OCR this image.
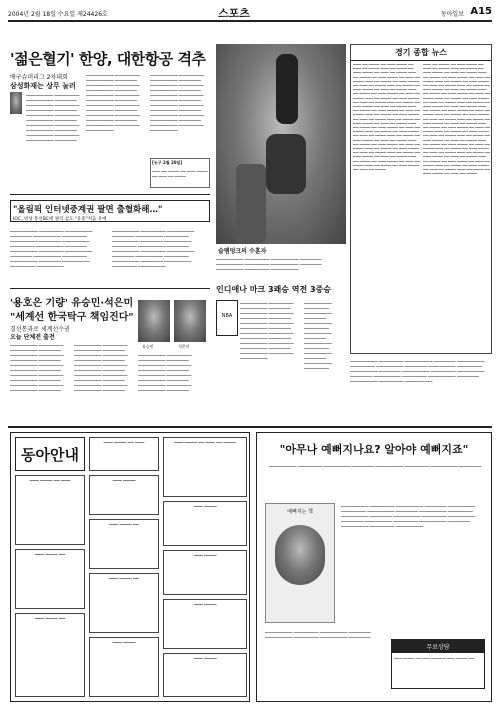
2004년 2월 18일 수요일 제24426호	스포츠	동아일보 A15
'젊은혈기' 한양, 대한항공 격추
배구슈퍼리그 2차대회
삼성화재는 상무 눌러
▁▁▁▁▁▁▁▁▁▁ ▁▁▁▁▁▁▁▁▁ ▁▁▁▁▁▁▁▁▁▁ ▁▁▁▁▁▁▁▁ ▁▁▁▁▁▁▁▁▁▁ ▁▁▁▁▁▁▁▁▁ ▁▁▁▁▁▁▁▁▁▁ ▁▁▁▁▁▁▁▁ ▁▁▁▁▁▁▁▁▁▁ ▁▁▁▁▁▁▁▁▁ ▁▁▁▁▁▁▁▁▁▁ ▁▁▁▁▁▁▁▁ ▁▁▁▁▁▁▁▁▁▁ ▁▁▁▁▁▁▁▁▁ ▁▁▁▁▁▁▁▁▁▁ ▁▁▁▁▁▁▁▁ ▁▁▁▁▁▁▁▁▁▁ ▁▁▁▁▁▁▁▁▁ ▁▁▁▁▁▁▁▁▁▁ ▁▁▁▁▁▁▁▁
▁▁▁▁▁▁▁▁▁▁ ▁▁▁▁▁▁▁▁▁ ▁▁▁▁▁▁▁▁▁▁ ▁▁▁▁▁▁▁▁ ▁▁▁▁▁▁▁▁▁▁ ▁▁▁▁▁▁▁▁▁ ▁▁▁▁▁▁▁▁▁▁ ▁▁▁▁▁▁▁▁ ▁▁▁▁▁▁▁▁▁▁ ▁▁▁▁▁▁▁▁▁ ▁▁▁▁▁▁▁▁▁▁ ▁▁▁▁▁▁▁▁ ▁▁▁▁▁▁▁▁▁▁ ▁▁▁▁▁▁▁▁▁ ▁▁▁▁▁▁▁▁▁▁ ▁▁▁▁▁▁▁▁ ▁▁▁▁▁▁▁▁▁▁ ▁▁▁▁▁▁▁▁▁ ▁▁▁▁▁▁▁▁▁▁ ▁▁▁▁▁▁▁▁ ▁▁▁▁▁▁▁▁▁▁ ▁▁▁▁▁▁▁▁▁ ▁▁▁▁▁▁▁▁▁▁
▁▁▁▁▁▁▁▁▁▁ ▁▁▁▁▁▁▁▁▁ ▁▁▁▁▁▁▁▁▁▁ ▁▁▁▁▁▁▁▁ ▁▁▁▁▁▁▁▁▁▁ ▁▁▁▁▁▁▁▁▁ ▁▁▁▁▁▁▁▁▁▁ ▁▁▁▁▁▁▁▁ ▁▁▁▁▁▁▁▁▁▁ ▁▁▁▁▁▁▁▁▁ ▁▁▁▁▁▁▁▁▁▁ ▁▁▁▁▁▁▁▁ ▁▁▁▁▁▁▁▁▁▁ ▁▁▁▁▁▁▁▁▁ ▁▁▁▁▁▁▁▁▁▁ ▁▁▁▁▁▁▁▁ ▁▁▁▁▁▁▁▁▁▁ ▁▁▁▁▁▁▁▁▁ ▁▁▁▁▁▁▁▁▁▁ ▁▁▁▁▁▁▁▁ ▁▁▁▁▁▁▁▁▁▁ ▁▁▁▁▁▁▁▁▁ ▁▁▁▁▁▁▁▁▁▁
[농구 2월 20일]
▁▁▁ ▁▁ ▁▁▁▁ ▁▁ ▁▁▁ ▁▁▁▁ ▁▁ ▁▁▁ ▁▁ ▁▁▁▁
슬램덩크의 수훈자
경기 종합 뉴스
▁▁▁ ▁▁ ▁▁▁▁ ▁▁ ▁▁▁ ▁▁▁▁ ▁▁ ▁▁▁ ▁▁ ▁▁▁▁ ▁▁▁ ▁▁ ▁▁▁▁ ▁▁ ▁▁▁ ▁▁▁▁ ▁▁ ▁▁▁ ▁▁ ▁▁▁▁ ▁▁▁ ▁▁ ▁▁▁▁ ▁▁ ▁▁▁ ▁▁▁▁ ▁▁ ▁▁▁ ▁▁ ▁▁▁▁ ▁▁▁ ▁▁ ▁▁▁▁ ▁▁ ▁▁▁ ▁▁▁▁ ▁▁ ▁▁▁ ▁▁ ▁▁▁▁ ▁▁▁ ▁▁ ▁▁▁▁ ▁▁ ▁▁▁ ▁▁▁▁ ▁▁ ▁▁▁ ▁▁ ▁▁▁▁ ▁▁▁ ▁▁ ▁▁▁▁ ▁▁ ▁▁▁ ▁▁▁▁ ▁▁ ▁▁▁ ▁▁ ▁▁▁▁ ▁▁▁ ▁▁ ▁▁▁▁ ▁▁ ▁▁▁ ▁▁▁▁ ▁▁ ▁▁▁ ▁▁ ▁▁▁▁ ▁▁▁ ▁▁ ▁▁▁▁ ▁▁ ▁▁▁ ▁▁▁▁ ▁▁ ▁▁▁ ▁▁ ▁▁▁▁ ▁▁▁ ▁▁ ▁▁▁▁ ▁▁ ▁▁▁ ▁▁▁▁ ▁▁ ▁▁▁ ▁▁ ▁▁▁▁ ▁▁▁ ▁▁ ▁▁▁▁ ▁▁ ▁▁▁ ▁▁▁▁ ▁▁ ▁▁▁ ▁▁ ▁▁▁▁ ▁▁▁ ▁▁ ▁▁▁▁ ▁▁ ▁▁▁ ▁▁▁▁ ▁▁ ▁▁▁ ▁▁ ▁▁▁▁ ▁▁▁ ▁▁ ▁▁▁▁ ▁▁ ▁▁▁ ▁▁▁▁ ▁▁ ▁▁▁ ▁▁ ▁▁▁▁ ▁▁▁ ▁▁ ▁▁▁▁ ▁▁ ▁▁▁ ▁▁▁▁ ▁▁ ▁▁▁ ▁▁ ▁▁▁▁ ▁▁▁ ▁▁ ▁▁▁▁ ▁▁ ▁▁▁ ▁▁▁▁ ▁▁ ▁▁▁ ▁▁ ▁▁▁▁ ▁▁▁ ▁▁ ▁▁▁▁ ▁▁ ▁▁▁ ▁▁▁▁ ▁▁ ▁▁▁ ▁▁ ▁▁▁▁ ▁▁▁ ▁▁ ▁▁▁▁ ▁▁ ▁▁▁ ▁▁▁▁ ▁▁ ▁▁▁ ▁▁ ▁▁▁▁ ▁▁▁ ▁▁ ▁▁▁▁ ▁▁ ▁▁▁ ▁▁▁▁ ▁▁ ▁▁▁ ▁▁ ▁▁▁▁ ▁▁▁ ▁▁ ▁▁▁▁ ▁▁ ▁▁▁ ▁▁▁▁ ▁▁ ▁▁▁ ▁▁ ▁▁▁▁ ▁▁▁ ▁▁ ▁▁▁▁ ▁▁ ▁▁▁ ▁▁▁▁ ▁▁ ▁▁▁ ▁▁ ▁▁▁▁
▁▁▁ ▁▁ ▁▁▁▁ ▁▁ ▁▁▁ ▁▁▁▁ ▁▁ ▁▁▁ ▁▁ ▁▁▁▁ ▁▁▁ ▁▁ ▁▁▁▁ ▁▁ ▁▁▁ ▁▁▁▁ ▁▁ ▁▁▁ ▁▁ ▁▁▁▁ ▁▁▁ ▁▁ ▁▁▁▁ ▁▁ ▁▁▁ ▁▁▁▁ ▁▁ ▁▁▁ ▁▁ ▁▁▁▁ ▁▁▁ ▁▁ ▁▁▁▁ ▁▁ ▁▁▁ ▁▁▁▁ ▁▁ ▁▁▁ ▁▁ ▁▁▁▁ ▁▁▁ ▁▁ ▁▁▁▁ ▁▁ ▁▁▁ ▁▁▁▁ ▁▁ ▁▁▁ ▁▁ ▁▁▁▁ ▁▁▁ ▁▁ ▁▁▁▁ ▁▁ ▁▁▁ ▁▁▁▁ ▁▁ ▁▁▁ ▁▁ ▁▁▁▁ ▁▁▁ ▁▁ ▁▁▁▁ ▁▁ ▁▁▁ ▁▁▁▁ ▁▁ ▁▁▁ ▁▁ ▁▁▁▁ ▁▁▁ ▁▁ ▁▁▁▁ ▁▁ ▁▁▁ ▁▁▁▁ ▁▁ ▁▁▁ ▁▁ ▁▁▁▁ ▁▁▁ ▁▁ ▁▁▁▁ ▁▁ ▁▁▁ ▁▁▁▁ ▁▁ ▁▁▁ ▁▁ ▁▁▁▁ ▁▁▁ ▁▁ ▁▁▁▁ ▁▁ ▁▁▁ ▁▁▁▁ ▁▁ ▁▁▁ ▁▁ ▁▁▁▁ ▁▁▁ ▁▁ ▁▁▁▁ ▁▁ ▁▁▁ ▁▁▁▁ ▁▁ ▁▁▁ ▁▁ ▁▁▁▁ ▁▁▁ ▁▁ ▁▁▁▁ ▁▁ ▁▁▁ ▁▁▁▁ ▁▁ ▁▁▁ ▁▁ ▁▁▁▁ ▁▁▁ ▁▁ ▁▁▁▁ ▁▁ ▁▁▁ ▁▁▁▁ ▁▁ ▁▁▁ ▁▁ ▁▁▁▁ ▁▁▁ ▁▁ ▁▁▁▁ ▁▁ ▁▁▁ ▁▁▁▁ ▁▁ ▁▁▁ ▁▁ ▁▁▁▁ ▁▁▁ ▁▁ ▁▁▁▁ ▁▁ ▁▁▁ ▁▁▁▁ ▁▁ ▁▁▁ ▁▁ ▁▁▁▁ ▁▁▁ ▁▁ ▁▁▁▁ ▁▁ ▁▁▁ ▁▁▁▁ ▁▁ ▁▁▁ ▁▁ ▁▁▁▁ ▁▁▁ ▁▁ ▁▁▁▁ ▁▁ ▁▁▁ ▁▁▁▁ ▁▁ ▁▁▁ ▁▁ ▁▁▁▁ ▁▁▁ ▁▁ ▁▁▁▁ ▁▁ ▁▁▁ ▁▁▁▁ ▁▁ ▁▁▁ ▁▁ ▁▁▁▁ ▁▁▁ ▁▁ ▁▁▁▁ ▁▁ ▁▁▁ ▁▁▁▁ ▁▁ ▁▁▁ ▁▁ ▁▁▁▁ ▁▁▁ ▁▁ ▁▁▁▁ ▁▁ ▁▁▁ ▁▁▁▁ ▁▁ ▁▁▁ ▁▁ ▁▁▁▁
"올림픽 인터넷중계권 팔면 출혈화해…"
IOC, 위성·통신BC에 권리 삼도 "유중"처음 유예
▁▁▁▁▁▁▁▁▁▁ ▁▁▁▁▁▁▁▁▁ ▁▁▁▁▁▁▁▁▁▁ ▁▁▁▁▁▁▁▁ ▁▁▁▁▁▁▁▁▁▁ ▁▁▁▁▁▁▁▁▁ ▁▁▁▁▁▁▁▁▁▁ ▁▁▁▁▁▁▁▁ ▁▁▁▁▁▁▁▁▁▁ ▁▁▁▁▁▁▁▁▁ ▁▁▁▁▁▁▁▁▁▁ ▁▁▁▁▁▁▁▁ ▁▁▁▁▁▁▁▁▁▁ ▁▁▁▁▁▁▁▁▁ ▁▁▁▁▁▁▁▁▁▁ ▁▁▁▁▁▁▁▁ ▁▁▁▁▁▁▁▁▁▁ ▁▁▁▁▁▁▁▁▁ ▁▁▁▁▁▁▁▁▁▁ ▁▁▁▁▁▁▁▁ ▁▁▁▁▁▁▁▁▁▁ ▁▁▁▁▁▁▁▁▁ ▁▁▁▁▁▁▁▁▁▁
▁▁▁▁▁▁▁▁▁▁ ▁▁▁▁▁▁▁▁▁ ▁▁▁▁▁▁▁▁▁▁ ▁▁▁▁▁▁▁▁ ▁▁▁▁▁▁▁▁▁▁ ▁▁▁▁▁▁▁▁▁ ▁▁▁▁▁▁▁▁▁▁ ▁▁▁▁▁▁▁▁ ▁▁▁▁▁▁▁▁▁▁ ▁▁▁▁▁▁▁▁▁ ▁▁▁▁▁▁▁▁▁▁ ▁▁▁▁▁▁▁▁ ▁▁▁▁▁▁▁▁▁▁ ▁▁▁▁▁▁▁▁▁ ▁▁▁▁▁▁▁▁▁▁ ▁▁▁▁▁▁▁▁ ▁▁▁▁▁▁▁▁▁▁ ▁▁▁▁▁▁▁▁▁ ▁▁▁▁▁▁▁▁▁▁ ▁▁▁▁▁▁▁▁ ▁▁▁▁▁▁▁▁▁▁ ▁▁▁▁▁▁▁▁▁ ▁▁▁▁▁▁▁▁▁▁
'용호은 기량' 유승민·석은미
"세계선 한국탁구 책임진다"
결선통과로 세계선수권
오늘 단체전 출전
유승민	석은미
▁▁▁▁▁▁▁▁▁▁ ▁▁▁▁▁▁▁▁▁ ▁▁▁▁▁▁▁▁▁▁ ▁▁▁▁▁▁▁▁ ▁▁▁▁▁▁▁▁▁▁ ▁▁▁▁▁▁▁▁▁ ▁▁▁▁▁▁▁▁▁▁ ▁▁▁▁▁▁▁▁ ▁▁▁▁▁▁▁▁▁▁ ▁▁▁▁▁▁▁▁▁ ▁▁▁▁▁▁▁▁▁▁ ▁▁▁▁▁▁▁▁ ▁▁▁▁▁▁▁▁▁▁ ▁▁▁▁▁▁▁▁▁ ▁▁▁▁▁▁▁▁▁▁ ▁▁▁▁▁▁▁▁ ▁▁▁▁▁▁▁▁▁▁ ▁▁▁▁▁▁▁▁▁ ▁▁▁▁▁▁▁▁▁▁ ▁▁▁▁▁▁▁▁
▁▁▁▁▁▁▁▁▁▁ ▁▁▁▁▁▁▁▁▁ ▁▁▁▁▁▁▁▁▁▁ ▁▁▁▁▁▁▁▁ ▁▁▁▁▁▁▁▁▁▁ ▁▁▁▁▁▁▁▁▁ ▁▁▁▁▁▁▁▁▁▁ ▁▁▁▁▁▁▁▁ ▁▁▁▁▁▁▁▁▁▁ ▁▁▁▁▁▁▁▁▁ ▁▁▁▁▁▁▁▁▁▁ ▁▁▁▁▁▁▁▁ ▁▁▁▁▁▁▁▁▁▁ ▁▁▁▁▁▁▁▁▁ ▁▁▁▁▁▁▁▁▁▁ ▁▁▁▁▁▁▁▁ ▁▁▁▁▁▁▁▁▁▁ ▁▁▁▁▁▁▁▁▁ ▁▁▁▁▁▁▁▁▁▁ ▁▁▁▁▁▁▁▁
▁▁▁▁▁▁▁▁▁▁ ▁▁▁▁▁▁▁▁▁ ▁▁▁▁▁▁▁▁▁▁ ▁▁▁▁▁▁▁▁ ▁▁▁▁▁▁▁▁▁▁ ▁▁▁▁▁▁▁▁▁ ▁▁▁▁▁▁▁▁▁▁ ▁▁▁▁▁▁▁▁ ▁▁▁▁▁▁▁▁▁▁ ▁▁▁▁▁▁▁▁▁ ▁▁▁▁▁▁▁▁▁▁ ▁▁▁▁▁▁▁▁ ▁▁▁▁▁▁▁▁▁▁ ▁▁▁▁▁▁▁▁▁ ▁▁▁▁▁▁▁▁▁▁ ▁▁▁▁▁▁▁▁
▁▁▁▁▁▁▁▁▁▁ ▁▁▁▁▁▁▁▁▁ ▁▁▁▁▁▁▁▁▁▁ ▁▁▁▁▁▁▁▁ ▁▁▁▁▁▁▁▁▁▁ ▁▁▁▁▁▁▁▁▁ ▁▁▁▁▁▁▁▁▁▁ ▁▁▁▁▁▁▁▁ ▁▁▁▁▁▁▁▁▁▁ ▁▁▁▁▁▁▁▁▁ ▁▁▁▁▁▁▁▁▁▁
인디애나 마크 3쾌승 역전 3중승
NBA
▁▁▁▁▁▁▁▁▁▁ ▁▁▁▁▁▁▁▁▁ ▁▁▁▁▁▁▁▁▁▁ ▁▁▁▁▁▁▁▁ ▁▁▁▁▁▁▁▁▁▁ ▁▁▁▁▁▁▁▁▁ ▁▁▁▁▁▁▁▁▁▁ ▁▁▁▁▁▁▁▁ ▁▁▁▁▁▁▁▁▁▁ ▁▁▁▁▁▁▁▁▁ ▁▁▁▁▁▁▁▁▁▁ ▁▁▁▁▁▁▁▁ ▁▁▁▁▁▁▁▁▁▁ ▁▁▁▁▁▁▁▁▁ ▁▁▁▁▁▁▁▁▁▁ ▁▁▁▁▁▁▁▁ ▁▁▁▁▁▁▁▁▁▁ ▁▁▁▁▁▁▁▁▁ ▁▁▁▁▁▁▁▁▁▁ ▁▁▁▁▁▁▁▁ ▁▁▁▁▁▁▁▁▁▁ ▁▁▁▁▁▁▁▁▁ ▁▁▁▁▁▁▁▁▁▁
▁▁▁▁▁▁▁▁▁▁ ▁▁▁▁▁▁▁▁▁ ▁▁▁▁▁▁▁▁▁▁ ▁▁▁▁▁▁▁▁ ▁▁▁▁▁▁▁▁▁▁ ▁▁▁▁▁▁▁▁▁ ▁▁▁▁▁▁▁▁▁▁ ▁▁▁▁▁▁▁▁ ▁▁▁▁▁▁▁▁▁▁ ▁▁▁▁▁▁▁▁▁ ▁▁▁▁▁▁▁▁▁▁ ▁▁▁▁▁▁▁▁ ▁▁▁▁▁▁▁▁▁▁ ▁▁▁▁▁▁▁▁▁
▁▁▁▁▁▁▁▁▁▁ ▁▁▁▁▁▁▁▁▁ ▁▁▁▁▁▁▁▁▁▁ ▁▁▁▁▁▁▁▁ ▁▁▁▁▁▁▁▁▁▁ ▁▁▁▁▁▁▁▁▁ ▁▁▁▁▁▁▁▁▁▁ ▁▁▁▁▁▁▁▁ ▁▁▁▁▁▁▁▁▁▁ ▁▁▁▁▁▁▁▁▁ ▁▁▁▁▁▁▁▁▁▁ ▁▁▁▁▁▁▁▁ ▁▁▁▁▁▁▁▁▁▁ ▁▁▁▁▁▁▁▁▁ ▁▁▁▁▁▁▁▁▁▁ ▁▁▁▁▁▁▁▁ ▁▁▁▁▁▁▁▁▁▁ ▁▁▁▁▁▁▁▁▁ ▁▁▁▁▁▁▁▁▁▁ ▁▁▁▁▁▁▁▁ ▁▁▁▁▁▁▁▁▁▁ ▁▁▁▁▁▁▁▁▁ ▁▁▁▁▁▁▁▁▁▁
동아안내
▁▁▁ ▁▁▁▁ ▁▁ ▁▁▁	▁▁▁ ▁▁▁▁ ▁▁ ▁▁▁ ▁▁ ▁▁▁▁
▁▁▁ ▁▁▁▁ ▁▁ ▁▁▁	▁▁▁ ▁▁▁▁
▁▁▁ ▁▁▁▁ ▁▁
▁▁▁ ▁▁▁▁
▁▁▁ ▁▁▁▁ ▁▁
▁▁▁ ▁▁▁▁ ▁▁
▁▁▁ ▁▁▁▁
▁▁▁ ▁▁▁▁
▁▁▁ ▁▁▁▁ ▁▁
▁▁▁ ▁▁▁▁
▁▁▁ ▁▁▁▁
"아무나 예뻐지나요? 알아야 예뻐지죠"
▁▁▁▁▁▁▁▁▁▁ ▁▁▁▁▁▁▁▁▁ ▁▁▁▁▁▁▁▁▁▁ ▁▁▁▁▁▁▁▁ ▁▁▁▁▁▁▁▁▁▁ ▁▁▁▁▁▁▁▁▁ ▁▁▁▁▁▁▁▁▁▁ ▁▁▁▁▁▁▁▁
예뻐지는 책
▁▁▁▁▁▁▁▁▁▁ ▁▁▁▁▁▁▁▁▁ ▁▁▁▁▁▁▁▁▁▁ ▁▁▁▁▁▁▁▁ ▁▁▁▁▁▁▁▁▁▁ ▁▁▁▁▁▁▁▁▁ ▁▁▁▁▁▁▁▁▁▁ ▁▁▁▁▁▁▁▁ ▁▁▁▁▁▁▁▁▁▁ ▁▁▁▁▁▁▁▁▁ ▁▁▁▁▁▁▁▁▁▁ ▁▁▁▁▁▁▁▁ ▁▁▁▁▁▁▁▁▁▁ ▁▁▁▁▁▁▁▁▁ ▁▁▁▁▁▁▁▁▁▁ ▁▁▁▁▁▁▁▁ ▁▁▁▁▁▁▁▁▁▁ ▁▁▁▁▁▁▁▁▁ ▁▁▁▁▁▁▁▁▁▁ ▁▁▁▁▁▁▁▁ ▁▁▁▁▁▁▁▁▁▁ ▁▁▁▁▁▁▁▁▁ ▁▁▁▁▁▁▁▁▁▁
▁▁▁▁▁▁▁▁▁▁ ▁▁▁▁▁▁▁▁▁ ▁▁▁▁▁▁▁▁▁▁ ▁▁▁▁▁▁▁▁ ▁▁▁▁▁▁▁▁▁▁ ▁▁▁▁▁▁▁▁▁ ▁▁▁▁▁▁▁▁▁▁ ▁▁▁▁▁▁▁▁
무료상담
▁▁▁ ▁▁▁▁ ▁▁ ▁▁▁ ▁▁▁▁▁ ▁▁▁ ▁▁▁▁ ▁▁
